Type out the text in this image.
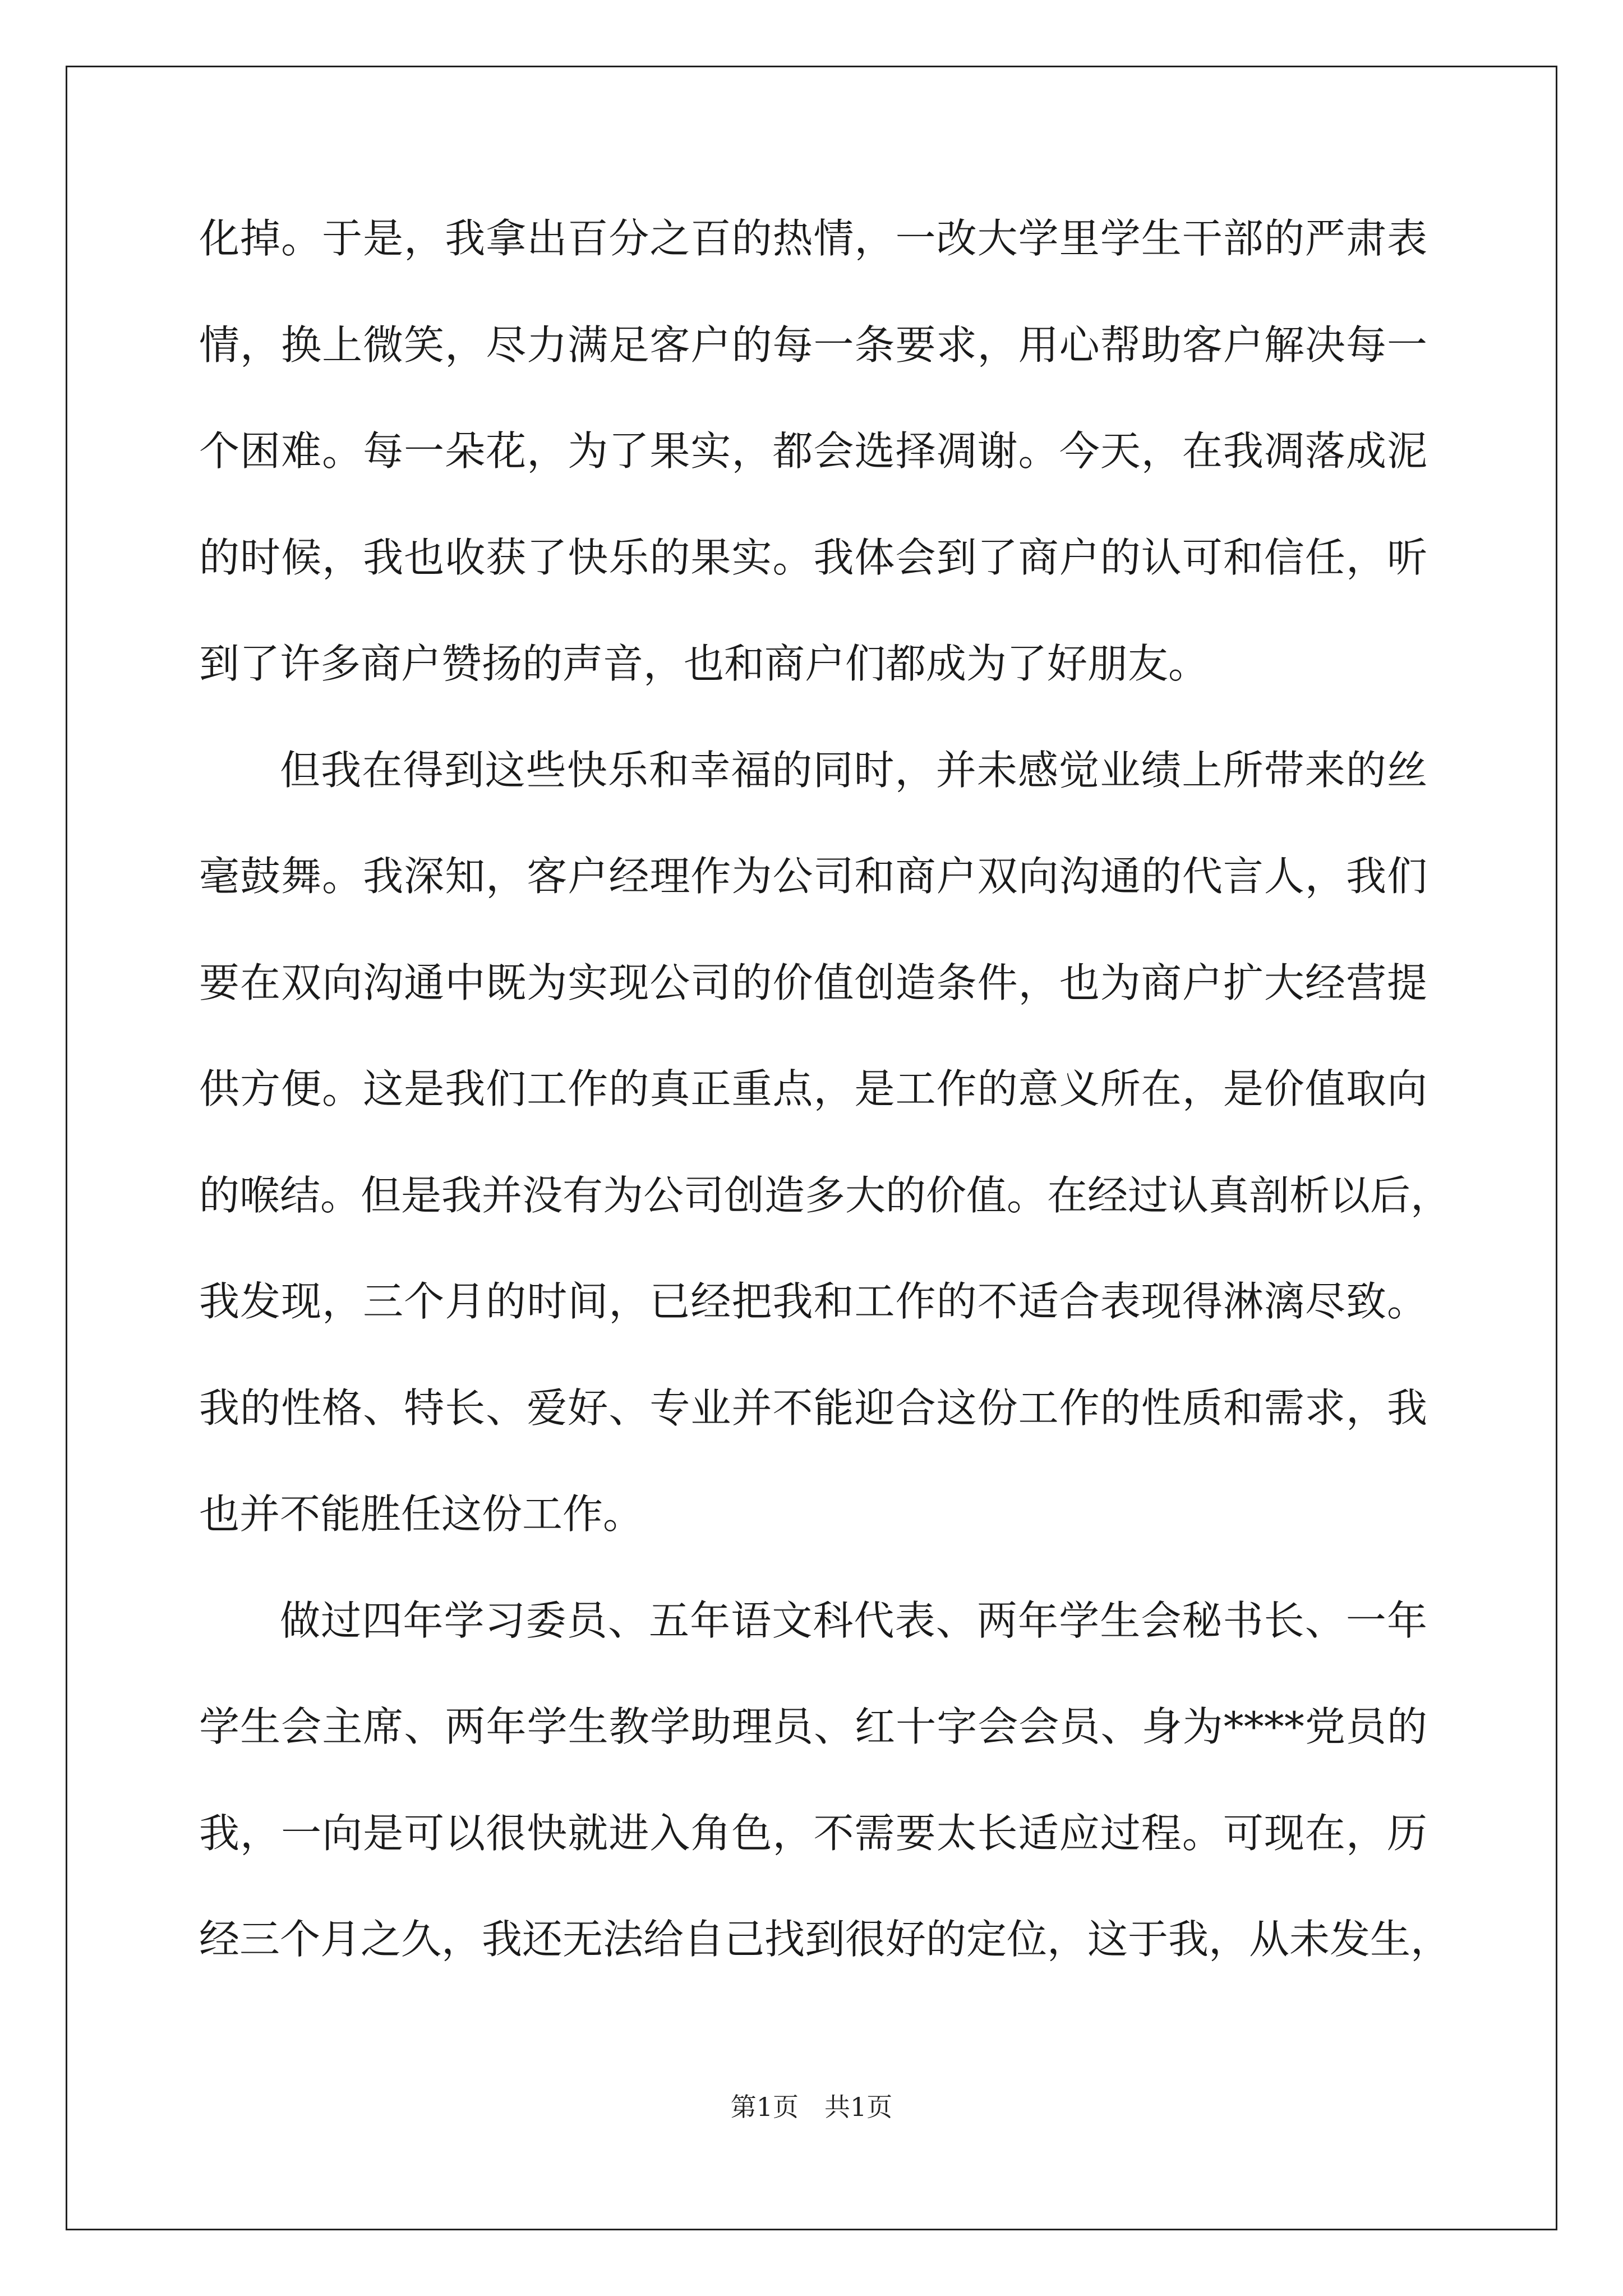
化掉。于是，我拿出百分之百的热情，一改大学里学生干部的严肃表
情，换上微笑，尽力满足客户的每一条要求，用心帮助客户解决每一
个困难。每一朵花，为了果实，都会选择凋谢。今天，在我凋落成泥
的时候，我也收获了快乐的果实。我体会到了商户的认可和信任，听
到了许多商户赞扬的声音，也和商户们都成为了好朋友。
但我在得到这些快乐和幸福的同时，并未感觉业绩上所带来的丝
毫鼓舞。我深知，客户经理作为公司和商户双向沟通的代言人，我们
要在双向沟通中既为实现公司的价值创造条件，也为商户扩大经营提
供方便。这是我们工作的真正重点，是工作的意义所在，是价值取向
的喉结。但是我并没有为公司创造多大的价值。在经过认真剖析以后，
我发现，三个月的时间，已经把我和工作的不适合表现得淋漓尽致。
我的性格、特长、爱好、专业并不能迎合这份工作的性质和需求，我
也并不能胜任这份工作。
做过四年学习委员、五年语文科代表、两年学生会秘书长、一年
学生会主席、两年学生教学助理员、红十字会会员、身为****党员的
我，一向是可以很快就进入角色，不需要太长适应过程。可现在，历
经三个月之久，我还无法给自己找到很好的定位，这于我，从未发生，
第1页　共1页
